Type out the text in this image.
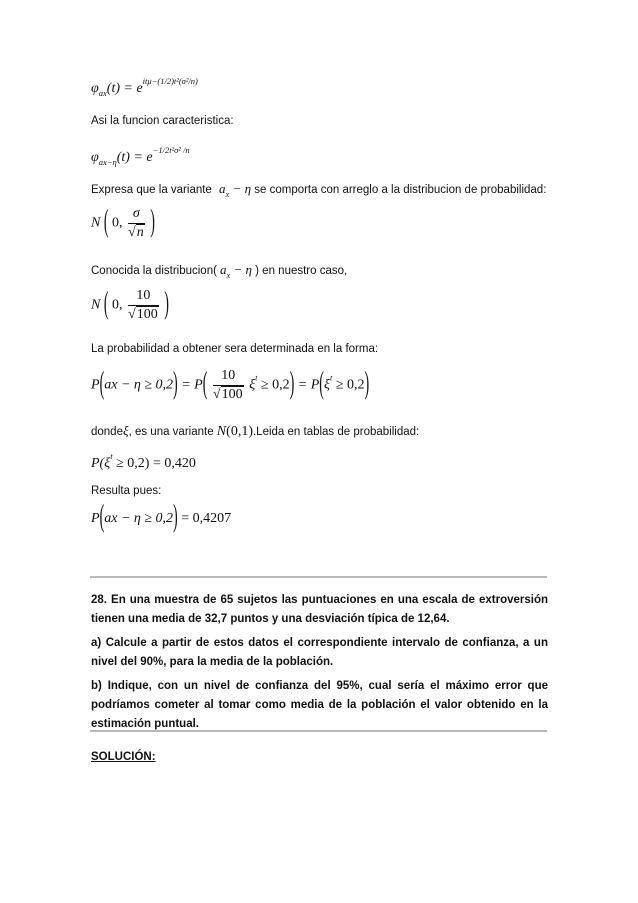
$\varphi_{ax}(t) = e^{it\mu-(1/2)t^2(\sigma^2/n)}$
Asi la funcion caracteristica:
$\varphi_{ax-\eta}(t) = e^{-1/2t^2\sigma^2 /n}$
Expresa que la variante $a_x - \eta$ se comporta con arreglo a la distribucion de probabilidad:
N ( 0, $\frac{\sigma}{√n}$ )
Conocida la distribucion( $a_x - \eta$ ) en nuestro caso,
N ( 0, $\frac{10}{√100}$ )
La probabilidad a obtener sera determinada en la forma:
$P(ax - \eta \ge 0,2) = P( \frac{10}{√100} \xi^t \ge 0,2) = P(\xi^t \ge 0,2)$
dondeξ, es una variante N(0,1).Leida en tablas de probabilidad:
$P(\xi^t \ge 0,2) = 0,420$
Resulta pues:
P(ax − η ≥ 0,2) = 0,4207
28. En una muestra de 65 sujetos las puntuaciones en una escala de extroversión tienen una media de 32,7 puntos y una desviación típica de 12,64.
a) Calcule a partir de estos datos el correspondiente intervalo de confianza, a un nivel del 90%, para la media de la población.
b) Indique, con un nivel de confianza del 95%, cual sería el máximo error que podríamos cometer al tomar como media de la población el valor obtenido en la estimación puntual.
SOLUCIÓN:
